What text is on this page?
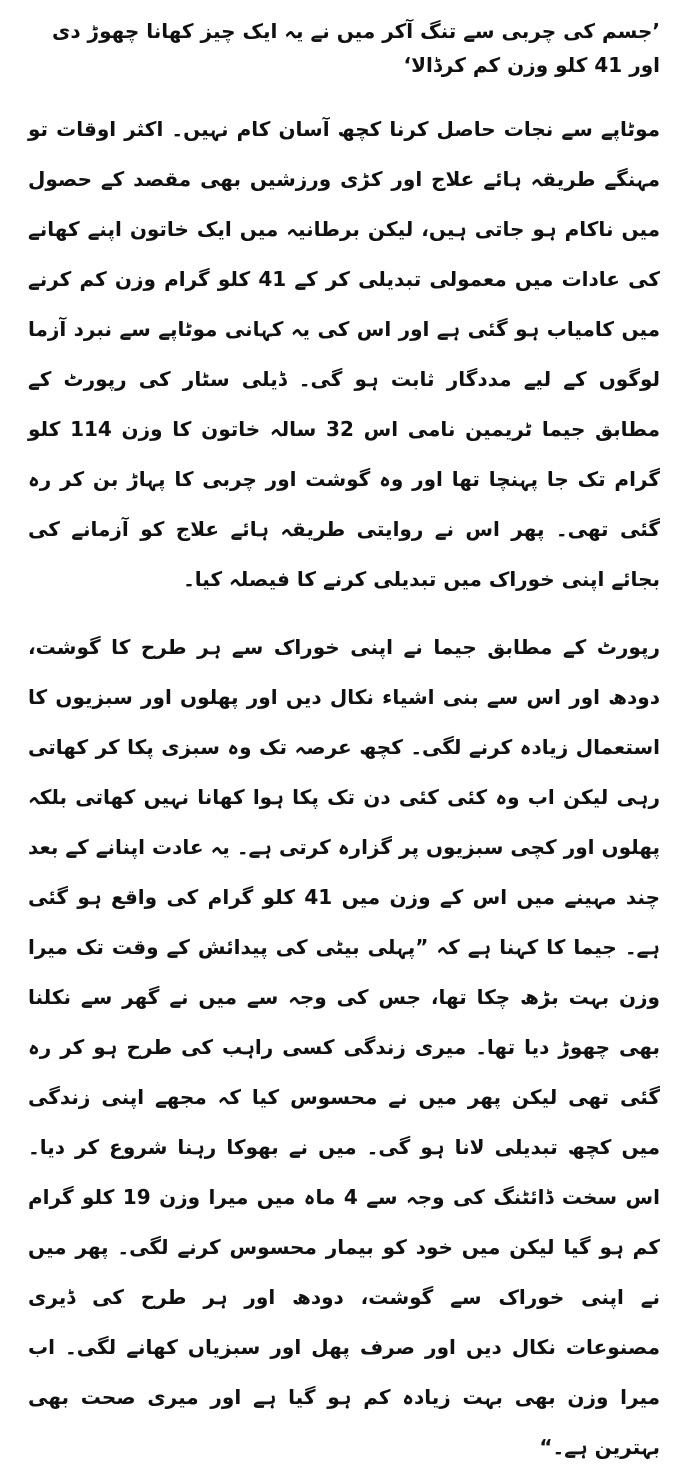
’جسم کی چربی سے تنگ آکر میں نے یہ ایک چیز کھانا چھوڑ دی اور 41 کلو وزن کم کرڈالا‘

موٹاپے سے نجات حاصل کرنا کچھ آسان کام نہیں۔ اکثر اوقات تو مہنگے طریقہ ہائے علاج اور کڑی ورزشیں بھی مقصد کے حصول میں ناکام ہو جاتی ہیں، لیکن برطانیہ میں ایک خاتون اپنے کھانے کی عادات میں معمولی تبدیلی کر کے 41 کلو گرام وزن کم کرنے میں کامیاب ہو گئی ہے اور اس کی یہ کہانی موٹاپے سے نبرد آزما لوگوں کے لیے مددگار ثابت ہو گی۔ ڈیلی سٹار کی رپورٹ کے مطابق جیما ٹریمین نامی اس 32 سالہ خاتون کا وزن 114 کلو گرام تک جا پہنچا تھا اور وہ گوشت اور چربی کا پہاڑ بن کر رہ گئی تھی۔ پھر اس نے روایتی طریقہ ہائے علاج کو آزمانے کی بجائے اپنی خوراک میں تبدیلی کرنے کا فیصلہ کیا۔

رپورٹ کے مطابق جیما نے اپنی خوراک سے ہر طرح کا گوشت، دودھ اور اس سے بنی اشیاء نکال دیں اور پھلوں اور سبزیوں کا استعمال زیادہ کرنے لگی۔ کچھ عرصہ تک وہ سبزی پکا کر کھاتی رہی لیکن اب وہ کئی کئی دن تک پکا ہوا کھانا نہیں کھاتی بلکہ پھلوں اور کچی سبزیوں پر گزارہ کرتی ہے۔ یہ عادت اپنانے کے بعد چند مہینے میں اس کے وزن میں 41 کلو گرام کی واقع ہو گئی ہے۔ جیما کا کہنا ہے کہ ”پہلی بیٹی کی پیدائش کے وقت تک میرا وزن بہت بڑھ چکا تھا، جس کی وجہ سے میں نے گھر سے نکلنا بھی چھوڑ دیا تھا۔ میری زندگی کسی راہب کی طرح ہو کر رہ گئی تھی لیکن پھر میں نے محسوس کیا کہ مجھے اپنی زندگی میں کچھ تبدیلی لانا ہو گی۔ میں نے بھوکا رہنا شروع کر دیا۔ اس سخت ڈائٹنگ کی وجہ سے 4 ماہ میں میرا وزن 19 کلو گرام کم ہو گیا لیکن میں خود کو بیمار محسوس کرنے لگی۔ پھر میں نے اپنی خوراک سے گوشت، دودھ اور ہر طرح کی ڈیری مصنوعات نکال دیں اور صرف پھل اور سبزیاں کھانے لگی۔ اب میرا وزن بھی بہت زیادہ کم ہو گیا ہے اور میری صحت بھی بہترین ہے۔“
